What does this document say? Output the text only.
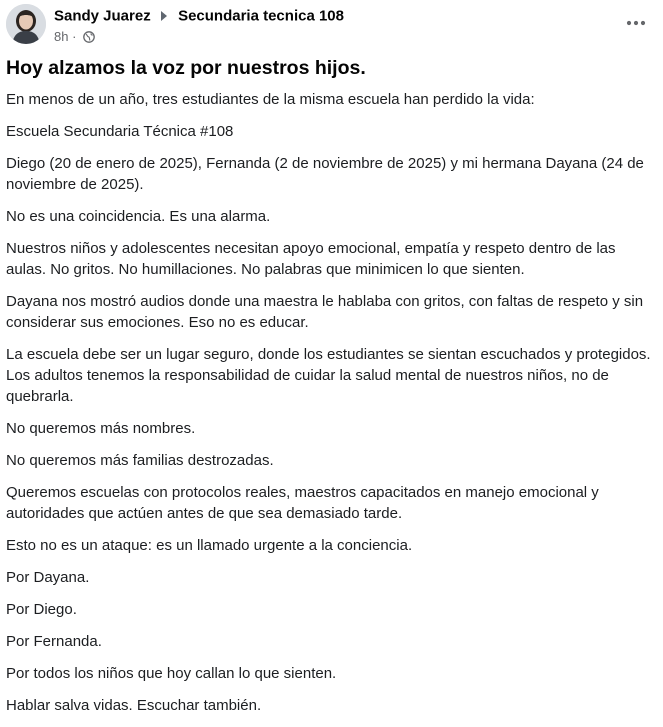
Sandy Juarez Secundaria tecnica 108
8h ·
Hoy alzamos la voz por nuestros hijos.

En menos de un año, tres estudiantes de la misma escuela han perdido la vida:

Escuela Secundaria Técnica #108

Diego (20 de enero de 2025), Fernanda (2 de noviembre de 2025) y mi hermana Dayana (24 de noviembre de 2025).

No es una coincidencia. Es una alarma.

Nuestros niños y adolescentes necesitan apoyo emocional, empatía y respeto dentro de las aulas. No gritos. No humillaciones. No palabras que minimicen lo que sienten.

Dayana nos mostró audios donde una maestra le hablaba con gritos, con faltas de respeto y sin considerar sus emociones. Eso no es educar.

La escuela debe ser un lugar seguro, donde los estudiantes se sientan escuchados y protegidos. Los adultos tenemos la responsabilidad de cuidar la salud mental de nuestros niños, no de quebrarla.

No queremos más nombres.

No queremos más familias destrozadas.

Queremos escuelas con protocolos reales, maestros capacitados en manejo emocional y autoridades que actúen antes de que sea demasiado tarde.

Esto no es un ataque: es un llamado urgente a la conciencia.

Por Dayana.

Por Diego.

Por Fernanda.

Por todos los niños que hoy callan lo que sienten.

Hablar salva vidas. Escuchar también.
